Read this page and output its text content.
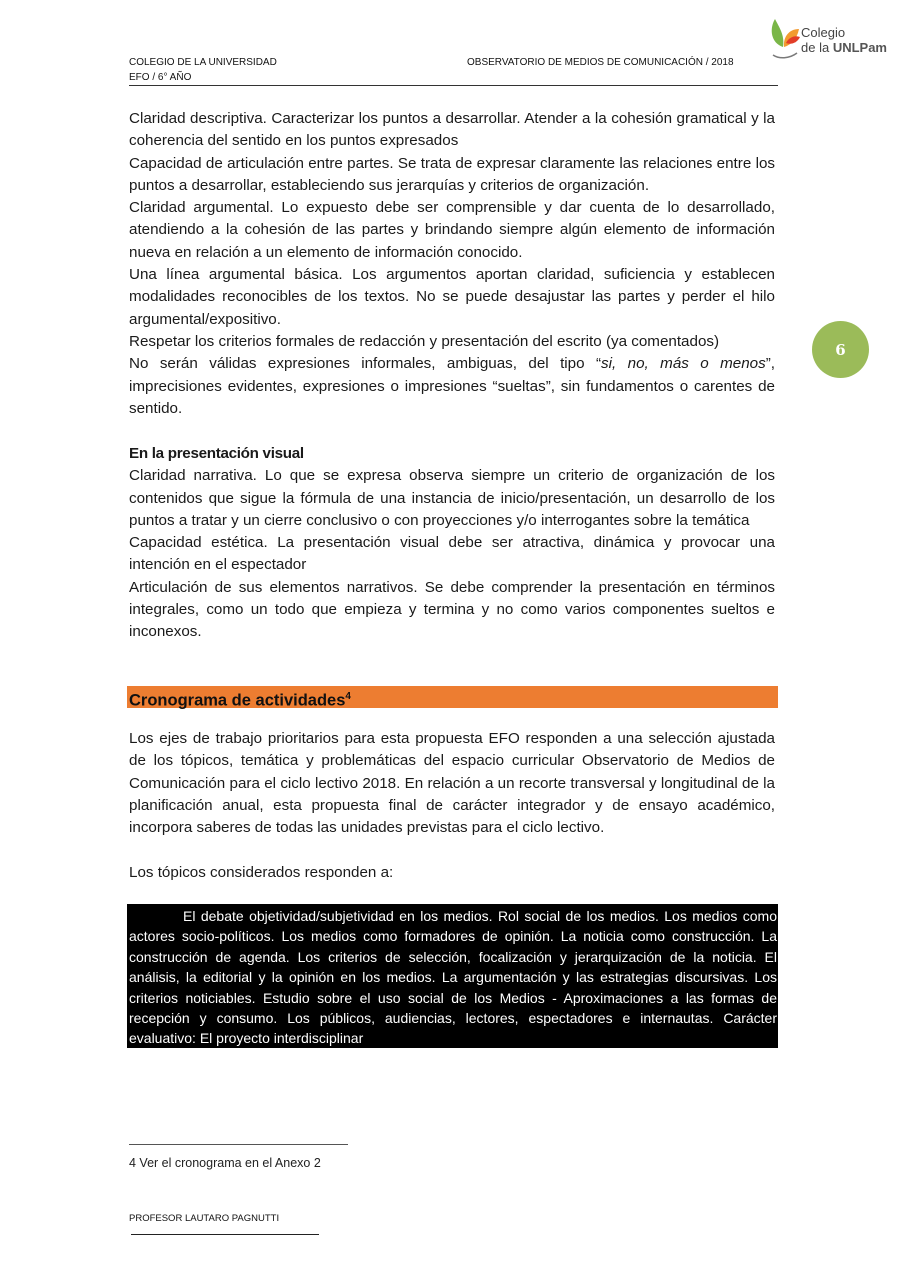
COLEGIO DE LA UNIVERSIDAD
EFO / 6° AÑO
OBSERVATORIO DE MEDIOS DE COMUNICACIÓN / 2018
Colegio
de la UNLPam
6

Claridad descriptiva. Caracterizar los puntos a desarrollar. Atender a la cohesión gramatical y la coherencia del sentido en los puntos expresados

Capacidad de articulación entre partes. Se trata de expresar claramente las relaciones entre los puntos a desarrollar, estableciendo sus jerarquías y criterios de organización.

Claridad argumental. Lo expuesto debe ser comprensible y dar cuenta de lo desarrollado, atendiendo a la cohesión de las partes y brindando siempre algún elemento de información nueva en relación a un elemento de información conocido.

Una línea argumental básica. Los argumentos aportan claridad, suficiencia y establecen modalidades reconocibles de los textos. No se puede desajustar las partes y perder el hilo argumental/expositivo.

Respetar los criterios formales de redacción y presentación del escrito (ya comentados)

No serán válidas expresiones informales, ambiguas, del tipo “si, no, más o menos”, imprecisiones evidentes, expresiones o impresiones “sueltas”, sin fundamentos o carentes de sentido.

En la presentación visual

Claridad narrativa. Lo que se expresa observa siempre un criterio de organización de los contenidos que sigue la fórmula de una instancia de inicio/presentación, un desarrollo de los puntos a tratar y un cierre conclusivo o con proyecciones y/o interrogantes sobre la temática

Capacidad estética. La presentación visual debe ser atractiva, dinámica y provocar una intención en el espectador

Articulación de sus elementos narrativos. Se debe comprender la presentación en términos integrales, como un todo que empieza y termina y no como varios componentes sueltos e inconexos.

Cronograma de actividades$^4$

Los ejes de trabajo prioritarios para esta propuesta EFO responden a una selección ajustada de los tópicos, temática y problemáticas del espacio curricular Observatorio de Medios de Comunicación para el ciclo lectivo 2018. En relación a un recorte transversal y longitudinal de la planificación anual, esta propuesta final de carácter integrador y de ensayo académico, incorpora saberes de todas las unidades previstas para el ciclo lectivo.

Los tópicos considerados responden a:

El debate objetividad/subjetividad en los medios. Rol social de los medios. Los medios como actores socio-políticos. Los medios como formadores de opinión. La noticia como construcción. La construcción de agenda. Los criterios de selección, focalización y jerarquización de la noticia. El análisis, la editorial y la opinión en los medios. La argumentación y las estrategias discursivas. Los criterios noticiables. Estudio sobre el uso social de los Medios - Aproximaciones a las formas de recepción y consumo. Los públicos, audiencias, lectores, espectadores e internautas. Carácter evaluativo: El proyecto interdisciplinar
4 Ver el cronograma en el Anexo 2
PROFESOR LAUTARO PAGNUTTI
